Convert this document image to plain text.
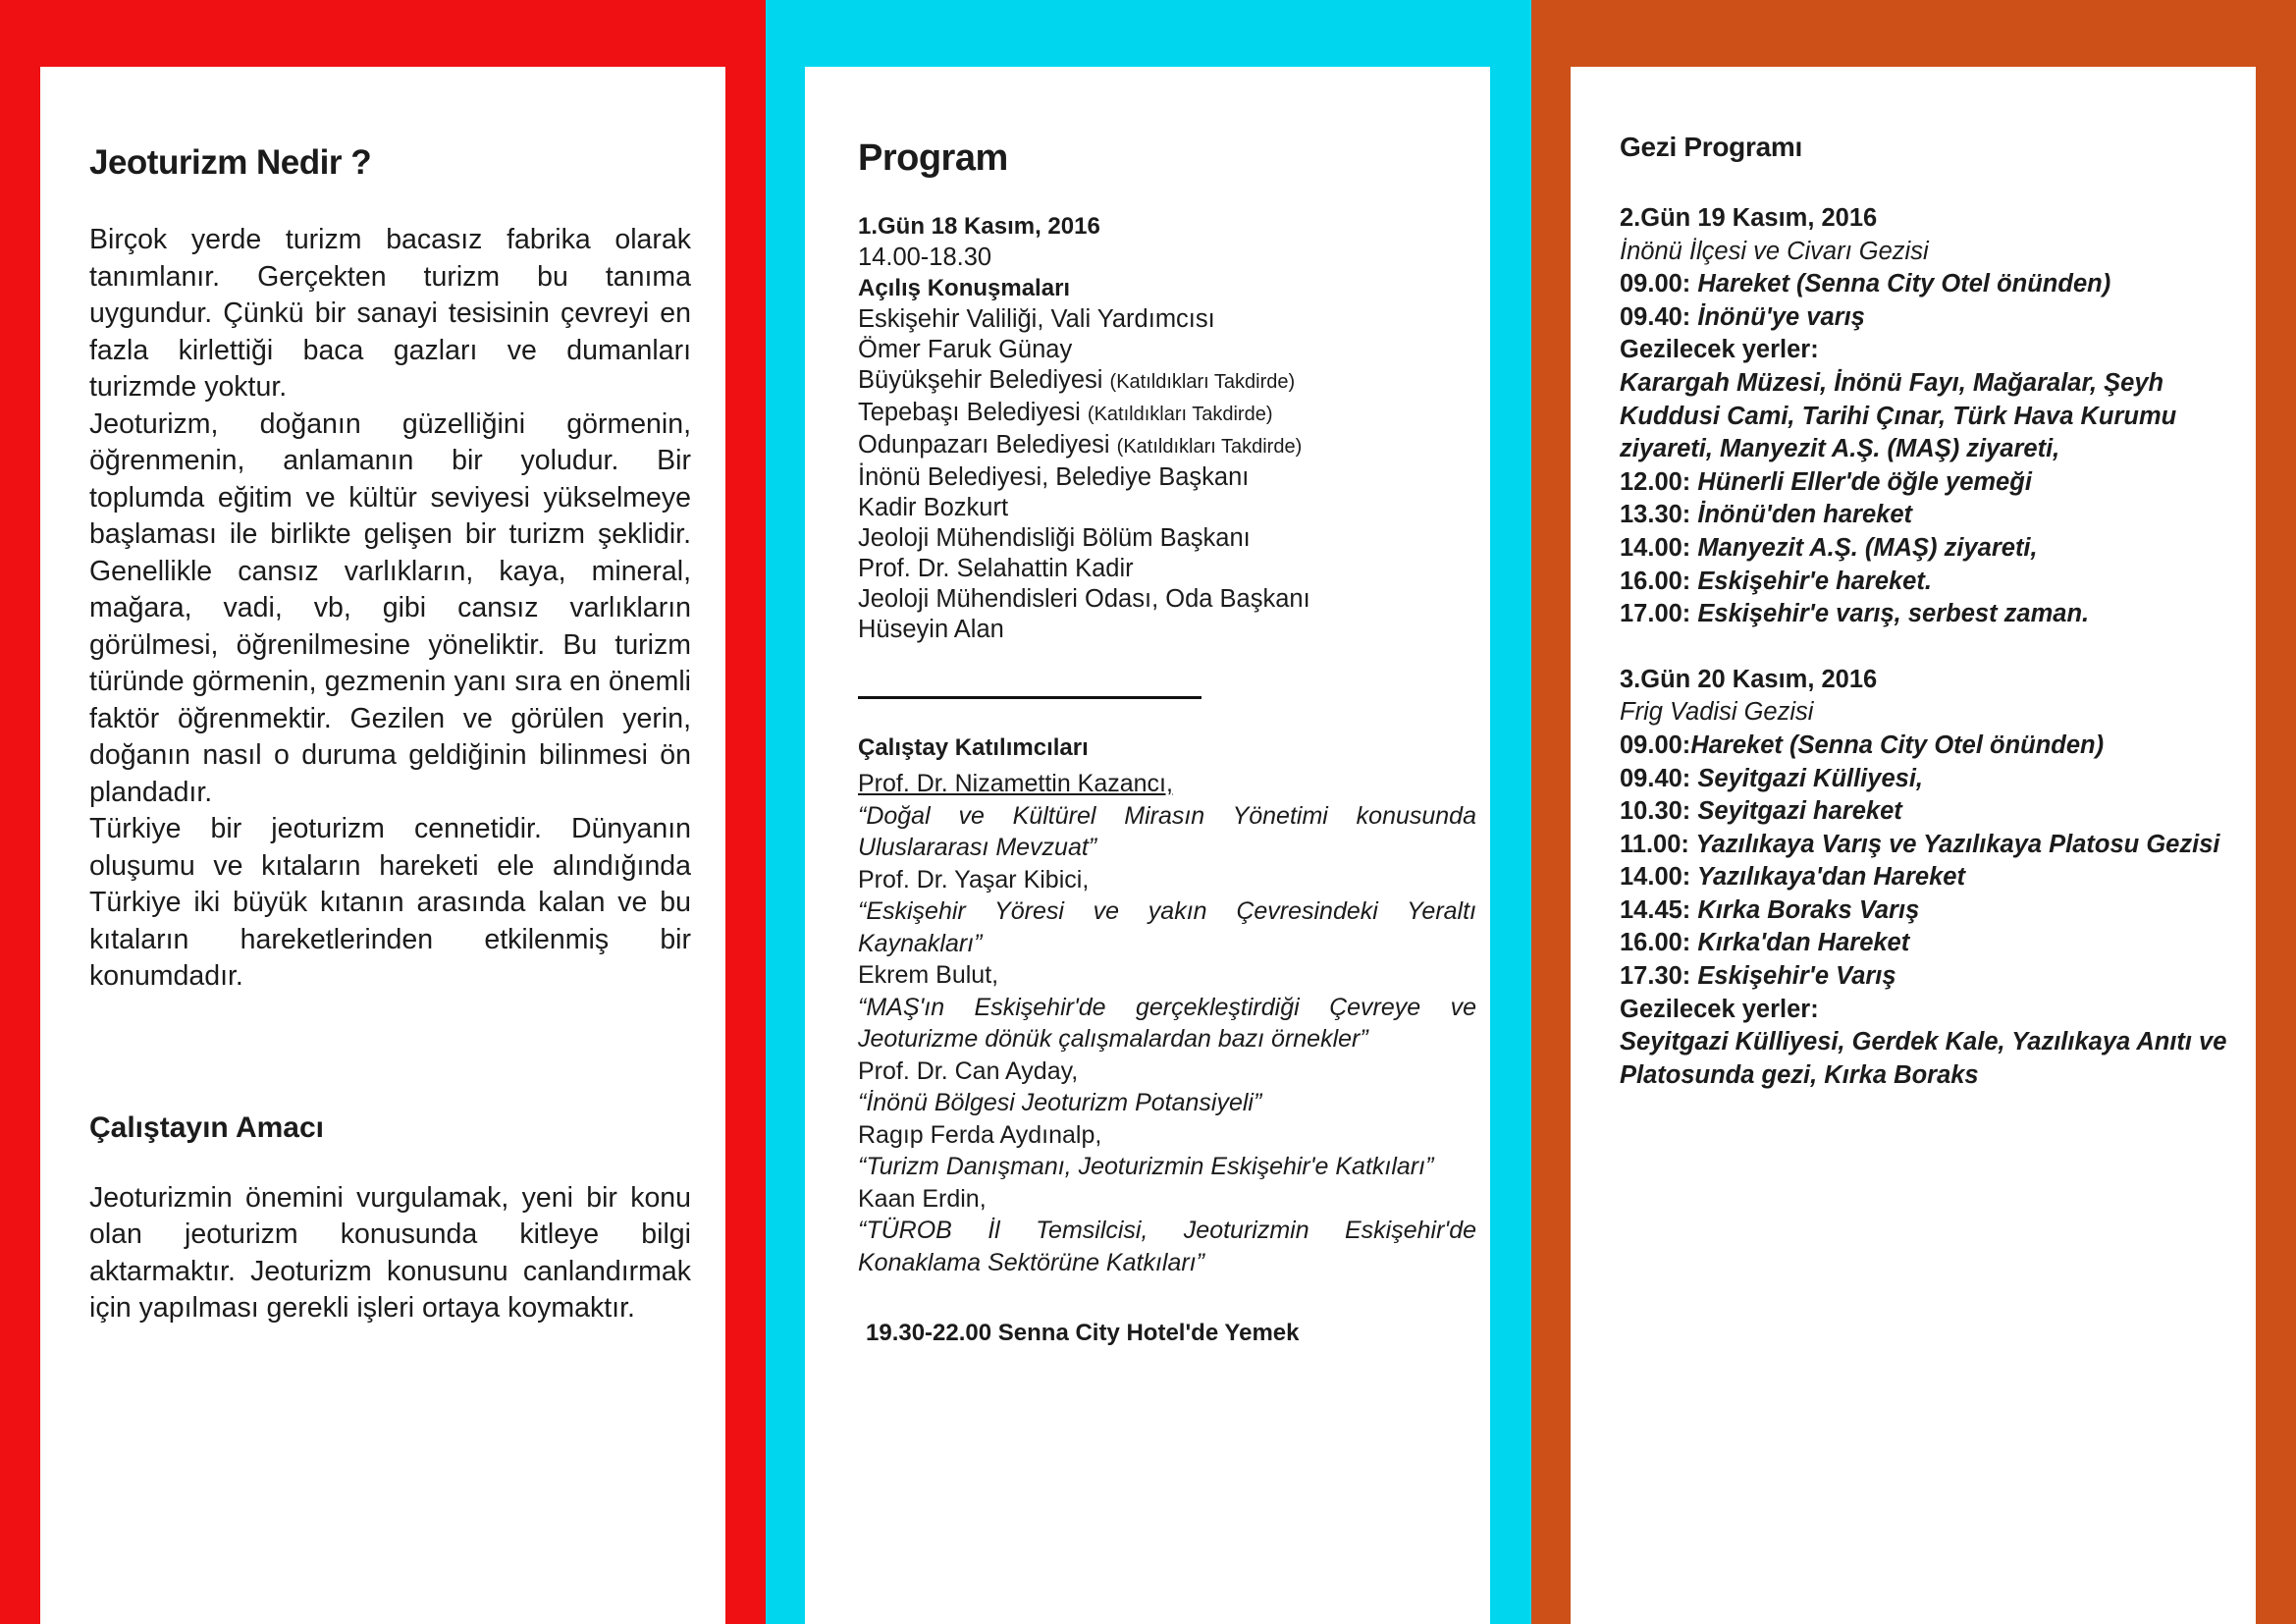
Jeoturizm Nedir ?

Birçok yerde turizm bacasız fabrika olarak tanımlanır. Gerçekten turizm bu tanıma uygundur. Çünkü bir sanayi tesisinin çevreyi en fazla kirlettiği baca gazları ve dumanları turizmde yoktur.
Jeoturizm, doğanın güzelliğini görmenin, öğrenmenin, anlamanın bir yoludur. Bir toplumda eğitim ve kültür seviyesi yükselmeye başlaması ile birlikte gelişen bir turizm şeklidir. Genellikle cansız varlıkların, kaya, mineral, mağara, vadi, vb, gibi cansız varlıkların görülmesi, öğrenilmesine yöneliktir. Bu turizm türünde görmenin, gezmenin yanı sıra en önemli faktör öğrenmektir. Gezilen ve görülen yerin, doğanın nasıl o duruma geldiğinin bilinmesi ön plandadır.
Türkiye bir jeoturizm cennetidir. Dünyanın oluşumu ve kıtaların hareketi ele alındığında Türkiye iki büyük kıtanın arasında kalan ve bu kıtaların hareketlerinden etkilenmiş bir konumdadır.

Çalıştayın Amacı

Jeoturizmin önemini vurgulamak, yeni bir konu olan jeoturizm konusunda kitleye bilgi aktarmaktır. Jeoturizm konusunu canlandırmak için yapılması gerekli işleri ortaya koymaktır.

Program

1.Gün 18 Kasım, 2016

14.00-18.30

Açılış Konuşmaları

Eskişehir Valiliği, Vali Yardımcısı

Ömer Faruk Günay

Büyükşehir Belediyesi (Katıldıkları Takdirde)

Tepebaşı Belediyesi (Katıldıkları Takdirde)

Odunpazarı Belediyesi (Katıldıkları Takdirde)

İnönü Belediyesi, Belediye Başkanı

Kadir Bozkurt

Jeoloji Mühendisliği Bölüm Başkanı

Prof. Dr. Selahattin Kadir

Jeoloji Mühendisleri Odası, Oda Başkanı

Hüseyin Alan

Çalıştay Katılımcıları

Prof. Dr. Nizamettin Kazancı,

“Doğal ve Kültürel Mirasın Yönetimi konusunda Uluslararası Mevzuat”

Prof. Dr. Yaşar Kibici,

“Eskişehir Yöresi ve yakın Çevresindeki Yeraltı Kaynakları”

Ekrem Bulut,

“MAŞ'ın Eskişehir'de gerçekleştirdiği Çevreye ve Jeoturizme dönük çalışmalardan bazı örnekler”

Prof. Dr. Can Ayday,

“İnönü Bölgesi Jeoturizm Potansiyeli”

Ragıp Ferda Aydınalp,

“Turizm Danışmanı, Jeoturizmin Eskişehir'e Katkıları”

Kaan Erdin,

“TÜROB İl Temsilcisi, Jeoturizmin Eskişehir'de Konaklama Sektörüne Katkıları”

19.30-22.00 Senna City Hotel'de Yemek

Gezi Programı

2.Gün 19 Kasım, 2016

İnönü İlçesi ve Civarı Gezisi

09.00: Hareket (Senna City Otel önünden)

09.40: İnönü'ye varış

Gezilecek yerler:

Karargah Müzesi, İnönü Fayı, Mağaralar, Şeyh Kuddusi Cami, Tarihi Çınar, Türk Hava Kurumu ziyareti, Manyezit A.Ş. (MAŞ) ziyareti,

12.00: Hünerli Eller'de öğle yemeği

13.30: İnönü'den hareket

14.00: Manyezit A.Ş. (MAŞ) ziyareti,

16.00: Eskişehir'e hareket.

17.00: Eskişehir'e varış, serbest zaman.

3.Gün 20 Kasım, 2016

Frig Vadisi Gezisi

09.00:Hareket (Senna City Otel önünden)

09.40: Seyitgazi Külliyesi,

10.30: Seyitgazi hareket

11.00: Yazılıkaya Varış ve Yazılıkaya Platosu Gezisi

14.00: Yazılıkaya'dan Hareket

14.45: Kırka Boraks Varış

16.00: Kırka'dan Hareket

17.30: Eskişehir'e Varış

Gezilecek yerler:

Seyitgazi Külliyesi, Gerdek Kale, Yazılıkaya Anıtı ve Platosunda gezi, Kırka Boraks
